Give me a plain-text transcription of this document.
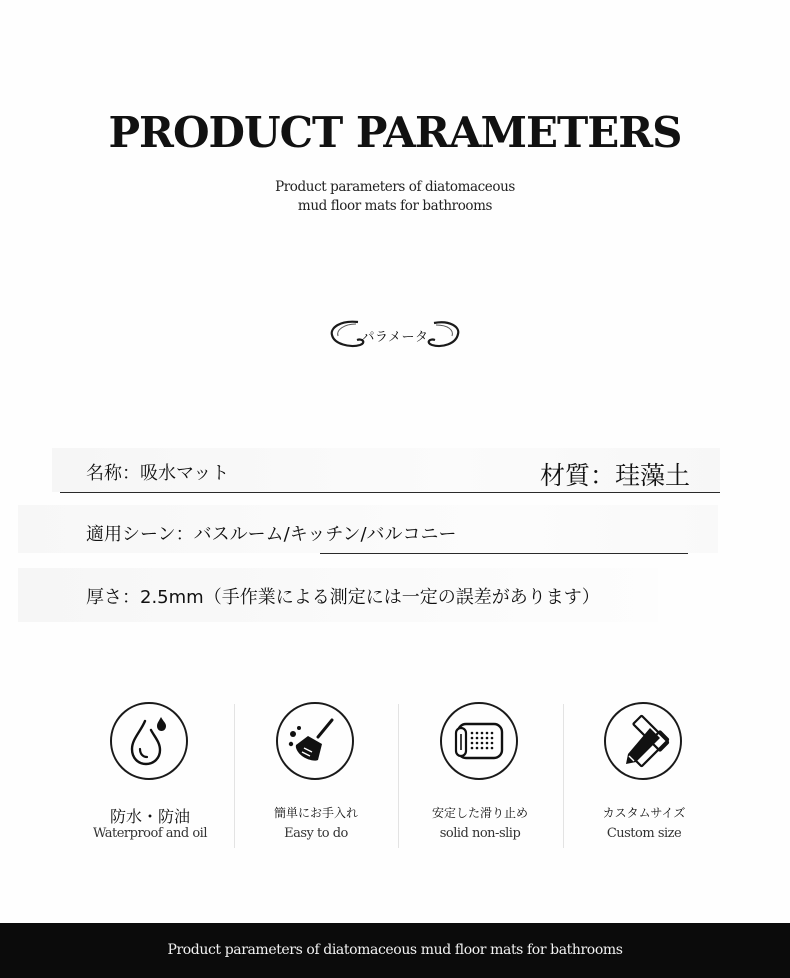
PRODUCT PARAMETERS
Product parameters of diatomaceous
mud floor mats for bathrooms
パラメータ
名称：吸水マット	材質：珪藻土
適用シーン：バスルーム/キッチン/バルコニー
厚さ：2.5mm（手作業による測定には一定の誤差があります）
防水・防油
Waterproof and oil
簡単にお手入れ
Easy to do
安定した滑り止め
solid non-slip
カスタムサイズ
Custom size
Product parameters of diatomaceous mud floor mats for bathrooms
